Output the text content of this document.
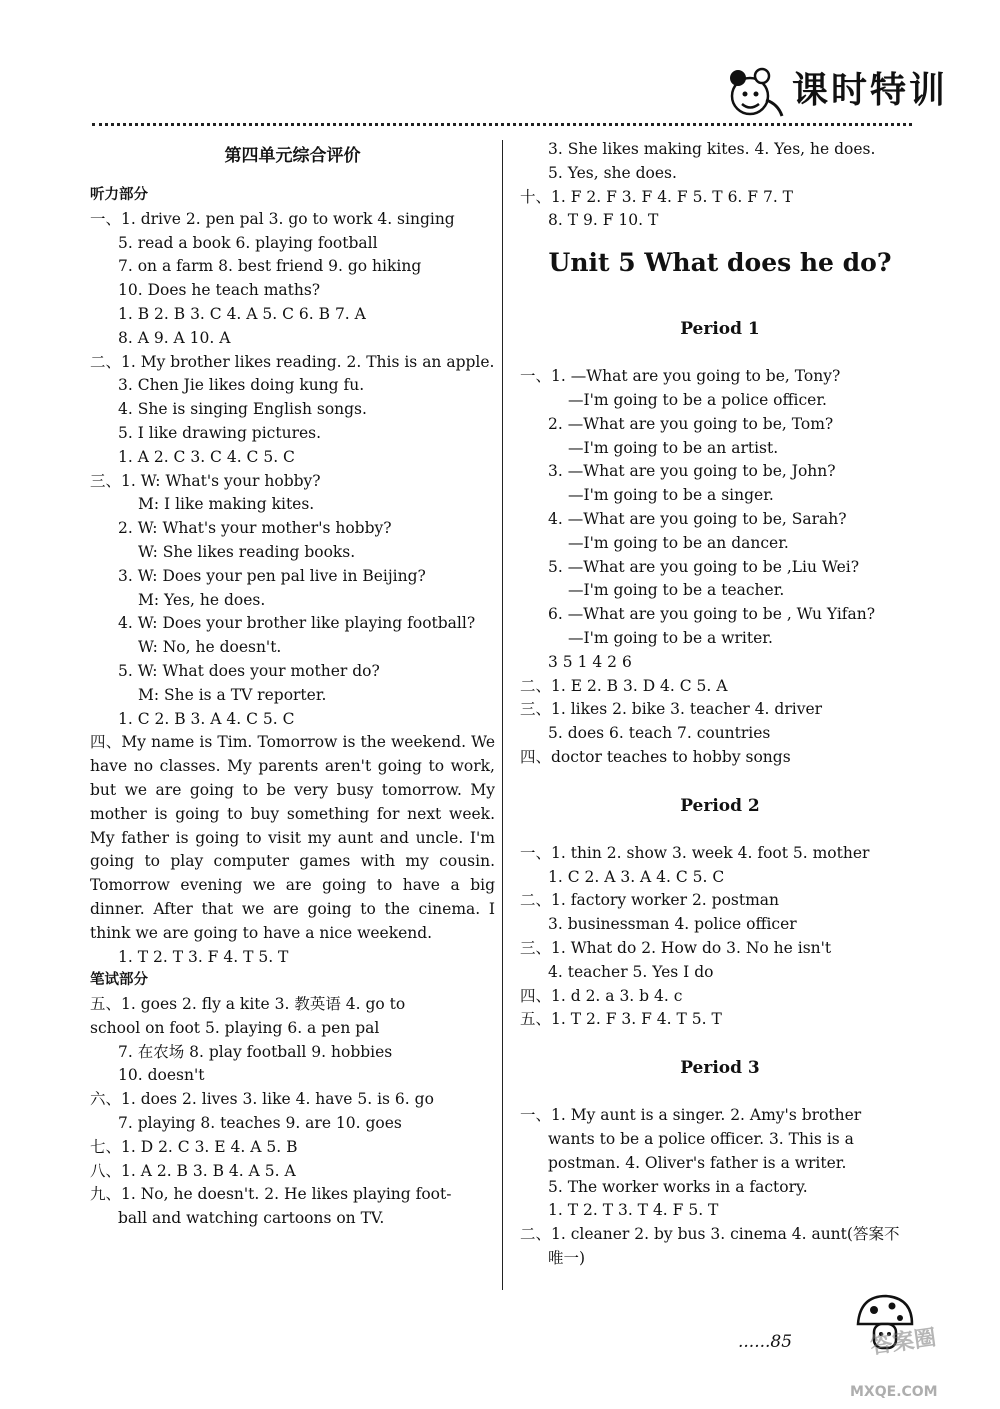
课时特训
第四单元综合评价
听力部分
一、1. drive 2. pen pal 3. go to work 4. singing
5. read a book 6. playing football
7. on a farm 8. best friend 9. go hiking
10. Does he teach maths?
1. B 2. B 3. C 4. A 5. C 6. B 7. A
8. A 9. A 10. A
二、1. My brother likes reading. 2. This is an apple.
3. Chen Jie likes doing kung fu.
4. She is singing English songs.
5. I like drawing pictures.
1. A 2. C 3. C 4. C 5. C
三、1. W: What's your hobby?
M: I like making kites.
2. W: What's your mother's hobby?
W: She likes reading books.
3. W: Does your pen pal live in Beijing?
M: Yes, he does.
4. W: Does your brother like playing football?
W: No, he doesn't.
5. W: What does your mother do?
M: She is a TV reporter.
1. C 2. B 3. A 4. C 5. C
四、My name is Tim. Tomorrow is the weekend. We have no classes. My parents aren't going to work, but we are going to be very busy tomorrow. My mother is going to buy something for next week. My father is going to visit my aunt and uncle. I'm going to play computer games with my cousin. Tomorrow evening we are going to have a big dinner. After that we are going to the cinema. I think we are going to have a nice weekend.
1. T 2. T 3. F 4. T 5. T
笔试部分
五、1. goes 2. fly a kite 3. 教英语 4. go to
school on foot 5. playing 6. a pen pal
7. 在农场 8. play football 9. hobbies
10. doesn't
六、1. does 2. lives 3. like 4. have 5. is 6. go
7. playing 8. teaches 9. are 10. goes
七、1. D 2. C 3. E 4. A 5. B
八、1. A 2. B 3. B 4. A 5. A
九、1. No, he doesn't. 2. He likes playing foot-
ball and watching cartoons on TV.
3. She likes making kites. 4. Yes, he does.
5. Yes, she does.
十、1. F 2. F 3. F 4. F 5. T 6. F 7. T
8. T 9. F 10. T
Unit 5 What does he do?
Period 1
一、1. —What are you going to be, Tony?
—I'm going to be a police officer.
2. —What are you going to be, Tom?
—I'm going to be an artist.
3. —What are you going to be, John?
—I'm going to be a singer.
4. —What are you going to be, Sarah?
—I'm going to be an dancer.
5. —What are you going to be ,Liu Wei?
—I'm going to be a teacher.
6. —What are you going to be , Wu Yifan?
—I'm going to be a writer.
3 5 1 4 2 6
二、1. E 2. B 3. D 4. C 5. A
三、1. likes 2. bike 3. teacher 4. driver
5. does 6. teach 7. countries
四、doctor teaches to hobby songs
Period 2
一、1. thin 2. show 3. week 4. foot 5. mother
1. C 2. A 3. A 4. C 5. C
二、1. factory worker 2. postman
3. businessman 4. police officer
三、1. What do 2. How do 3. No he isn't
4. teacher 5. Yes I do
四、1. d 2. a 3. b 4. c
五、1. T 2. F 3. F 4. T 5. T
Period 3
一、1. My aunt is a singer. 2. Amy's brother
wants to be a police officer. 3. This is a
postman. 4. Oliver's father is a writer.
5. The worker works in a factory.
1. T 2. T 3. T 4. F 5. T
二、1. cleaner 2. by bus 3. cinema 4. aunt(答案不
唯一)
......85	答案圈
MXQE.COM
